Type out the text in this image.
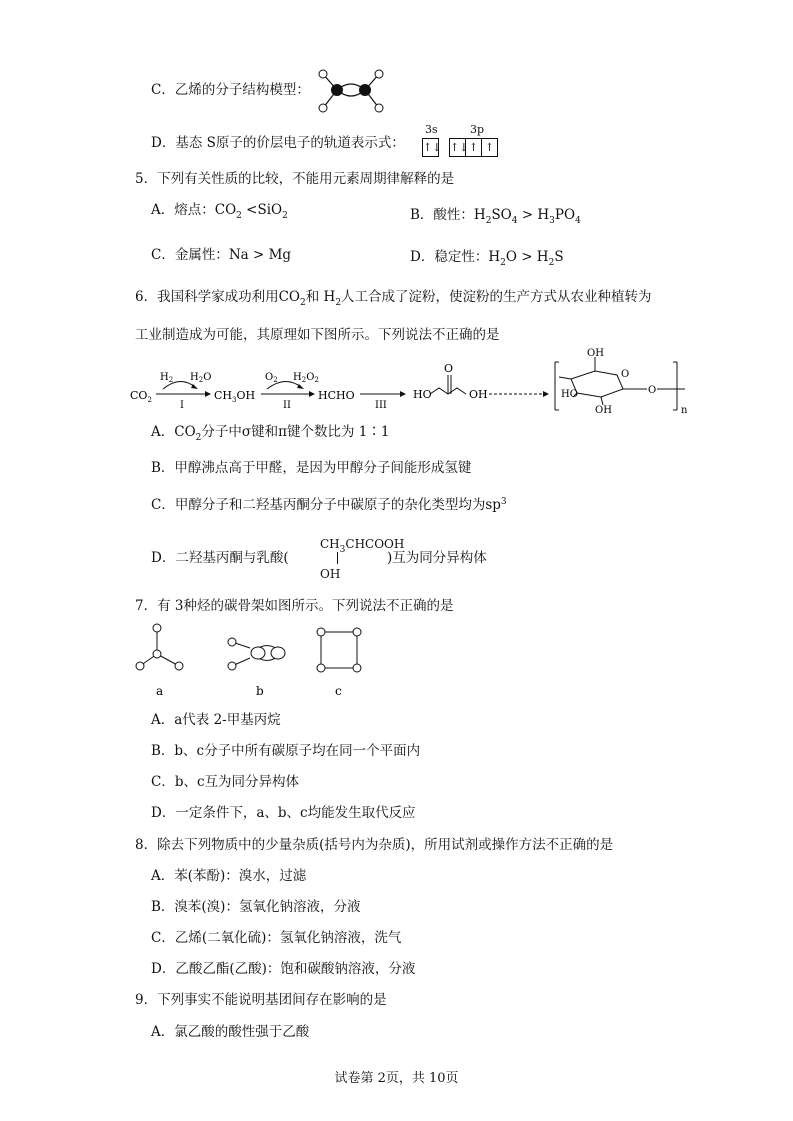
C．乙烯的分子结构模型：
D．基态 S原子的价层电子的轨道表示式：
3s	3p
↑↓ ↑↓↑ ↑
5．下列有关性质的比较，不能用元素周期律解释的是
A．熔点：$CO_2 <SiO_2$	B．酸性：$H_2SO_4 > H_3PO_4$
C．金属性：Na > Mg	D．稳定性：$H_2O > H_2S$
6．我国科学家成功利用$CO_2$和 $H_2$人工合成了淀粉，使淀粉的生产方式从农业种植转为
工业制造成为可能，其原理如下图所示。下列说法不正确的是
$CO_2$
$H_2$ $H_2O$
I
$CH_3OH$
$O_2$ $H_2O_2$
II
HCHO
III
HO
O
OH
O
OH
HO
OH
O
n
A．$CO_2$分子中σ键和π键个数比为 1∶1
B．甲醇沸点高于甲醛，是因为甲醇分子间能形成氢键
C．甲醇分子和二羟基丙酮分子中碳原子的杂化类型均为$sp^3$
D．二羟基丙酮与乳酸(
$CH_3CHCOOH$
OH
)互为同分异构体
7．有 3种烃的碳骨架如图所示。下列说法不正确的是
a	b	c
A．a代表 2-甲基丙烷
B．b、c分子中所有碳原子均在同一个平面内
C．b、c互为同分异构体
D．一定条件下，a、b、c均能发生取代反应
8．除去下列物质中的少量杂质(括号内为杂质)，所用试剂或操作方法不正确的是
A．苯(苯酚)：溴水，过滤
B．溴苯(溴)：氢氧化钠溶液，分液
C．乙烯(二氧化硫)：氢氧化钠溶液，洗气
D．乙酸乙酯(乙酸)：饱和碳酸钠溶液，分液
9．下列事实不能说明基团间存在影响的是
A．氯乙酸的酸性强于乙酸
试卷第 2页，共 10页
